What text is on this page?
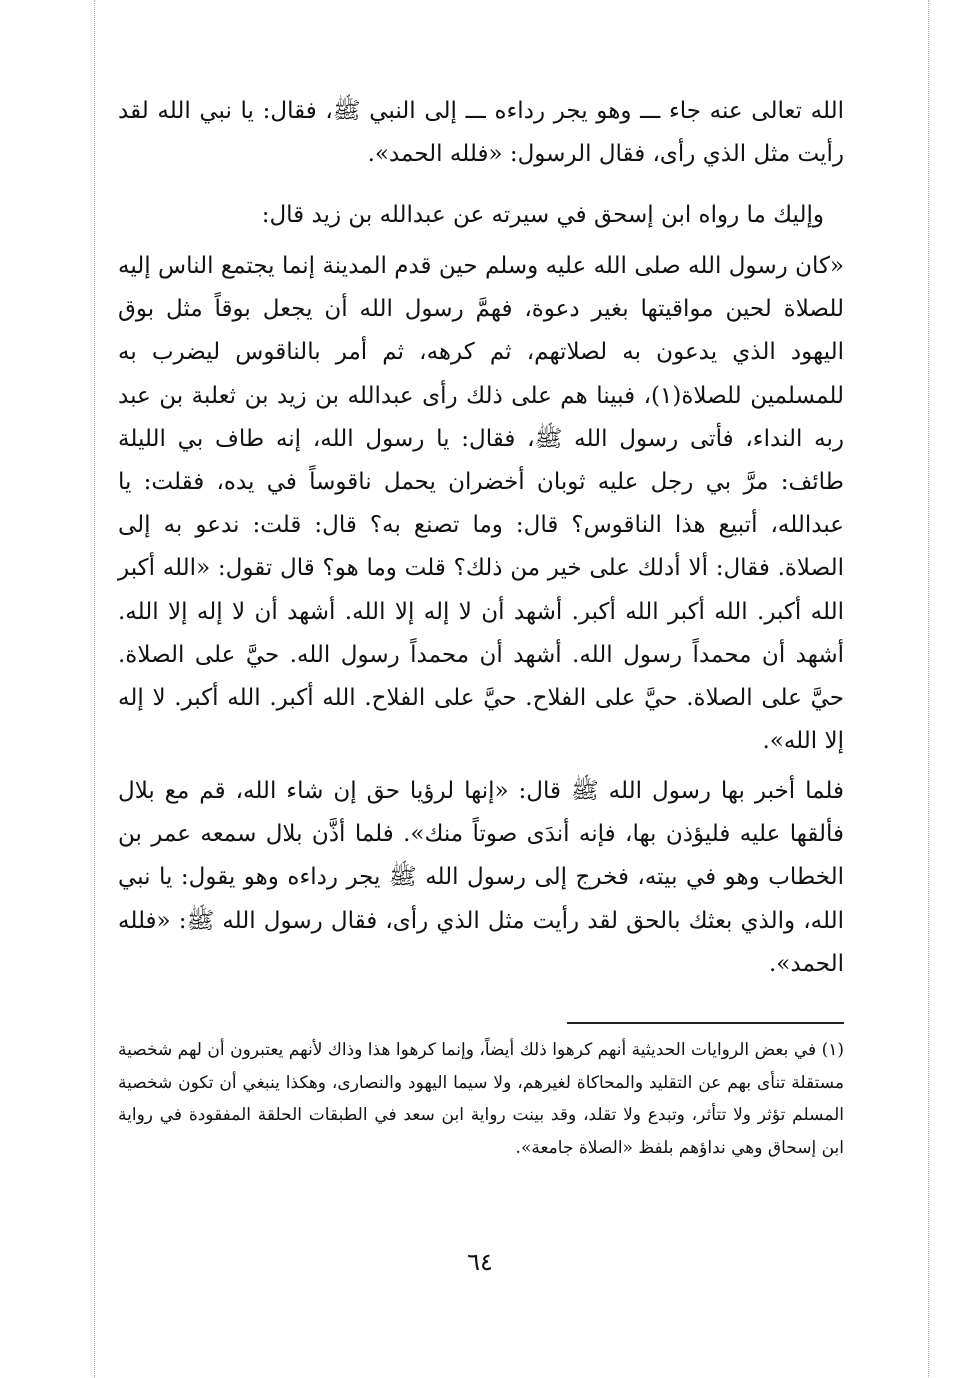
الله تعالى عنه جاء ـــ وهو يجر رداءه ـــ إلى النبي ﷺ، فقال: يا نبي الله لقد رأيت مثل الذي رأى، فقال الرسول: «فلله الحمد».
وإليك ما رواه ابن إسحق في سيرته عن عبدالله بن زيد قال:
«كان رسول الله صلى الله عليه وسلم حين قدم المدينة إنما يجتمع الناس إليه للصلاة لحين مواقيتها بغير دعوة، فهمَّ رسول الله أن يجعل بوقاً مثل بوق اليهود الذي يدعون به لصلاتهم، ثم كرهه، ثم أمر بالناقوس ليضرب به للمسلمين للصلاة(١)، فبينا هم على ذلك رأى عبدالله بن زيد بن ثعلبة بن عبد ربه النداء، فأتى رسول الله ﷺ، فقال: يا رسول الله، إنه طاف بي الليلة طائف: مرَّ بي رجل عليه ثوبان أخضران يحمل ناقوساً في يده، فقلت: يا عبدالله، أتبيع هذا الناقوس؟ قال: وما تصنع به؟ قال: قلت: ندعو به إلى الصلاة. فقال: ألا أدلك على خير من ذلك؟ قلت وما هو؟ قال تقول: «الله أكبر الله أكبر. الله أكبر الله أكبر. أشهد أن لا إله إلا الله. أشهد أن لا إله إلا الله. أشهد أن محمداً رسول الله. أشهد أن محمداً رسول الله. حيَّ على الصلاة. حيَّ على الصلاة. حيَّ على الفلاح. حيَّ على الفلاح. الله أكبر. الله أكبر. لا إله إلا الله».
فلما أخبر بها رسول الله ﷺ قال: «إنها لرؤيا حق إن شاء الله، قم مع بلال فألقها عليه فليؤذن بها، فإنه أندَى صوتاً منك». فلما أذَّن بلال سمعه عمر بن الخطاب وهو في بيته، فخرج إلى رسول الله ﷺ يجر رداءه وهو يقول: يا نبي الله، والذي بعثك بالحق لقد رأيت مثل الذي رأى، فقال رسول الله ﷺ: «فلله الحمد».
(١) في بعض الروايات الحديثية أنهم كرهوا ذلك أيضاً، وإنما كرهوا هذا وذاك لأنهم يعتبرون أن لهم شخصية مستقلة تنأى بهم عن التقليد والمحاكاة لغيرهم، ولا سيما اليهود والنصارى، وهكذا ينبغي أن تكون شخصية المسلم تؤثر ولا تتأثر، وتبدع ولا تقلد، وقد بينت رواية ابن سعد في الطبقات الحلقة المفقودة في رواية ابن إسحاق وهي نداؤهم بلفظ «الصلاة جامعة».
٦٤
